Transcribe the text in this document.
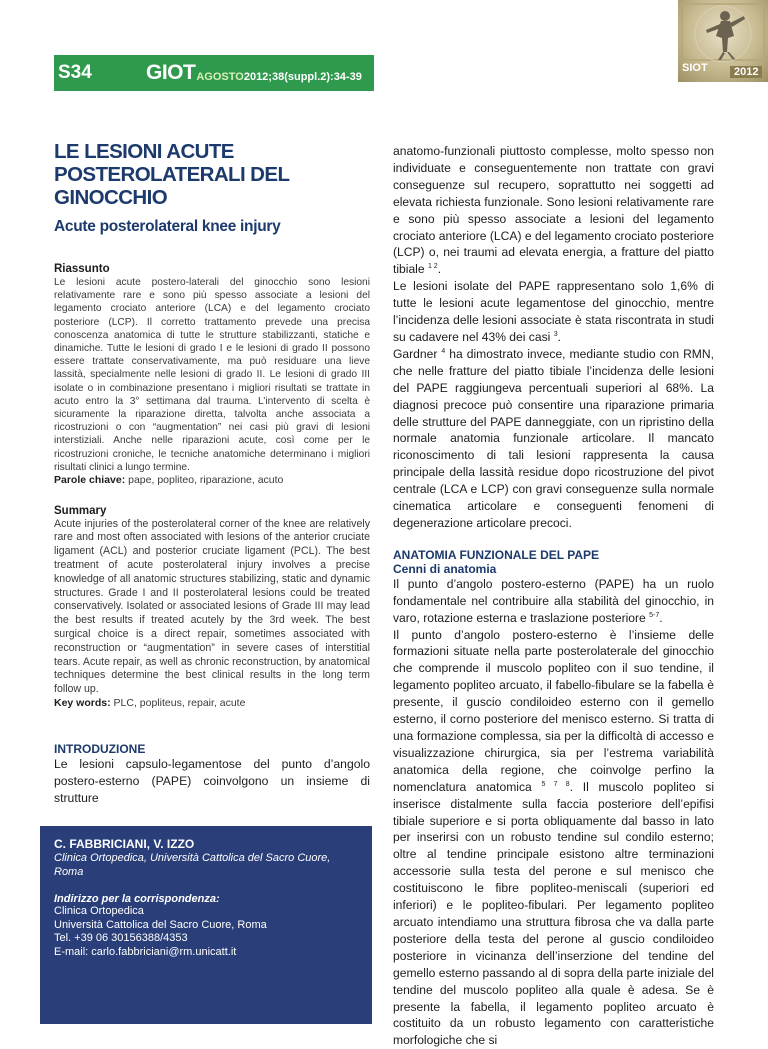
S34	GIOT AGOSTO2012;38(suppl.2):34-39
SIOT	2012
LE LESIONI ACUTE POSTEROLATERALI DEL GINOCCHIO
Acute posterolateral knee injury
Riassunto

Le lesioni acute postero-laterali del ginocchio sono lesioni relativamente rare e sono più spesso associate a lesioni del legamento crociato anteriore (LCA) e del legamento crociato posteriore (LCP). Il corretto trattamento prevede una precisa conoscenza anatomica di tutte le strutture stabilizzanti, statiche e dinamiche. Tutte le lesioni di grado I e le lesioni di grado II possono essere trattate conservativamente, ma può residuare una lieve lassità, specialmente nelle lesioni di grado II. Le lesioni di grado III isolate o in combinazione presentano i migliori risultati se trattate in acuto entro la 3° settimana dal trauma. L’intervento di scelta è sicuramente la riparazione diretta, talvolta anche associata a ricostruzioni o con “augmentation” nei casi più gravi di lesioni interstiziali. Anche nelle riparazioni acute, così come per le ricostruzioni croniche, le tecniche anatomiche determinano i migliori risultati clinici a lungo termine.

Parole chiave: pape, popliteo, riparazione, acuto
Summary

Acute injuries of the posterolateral corner of the knee are relatively rare and most often associated with lesions of the anterior cruciate ligament (ACL) and posterior cruciate ligament (PCL). The best treatment of acute posterolateral injury involves a precise knowledge of all anatomic structures stabilizing, static and dynamic structures. Grade I and II posterolateral lesions could be treated conservatively. Isolated or associated lesions of Grade III may lead the best results if treated acutely by the 3rd week. The best surgical choice is a direct repair, sometimes associated with reconstruction or “augmentation” in severe cases of interstitial tears. Acute repair, as well as chronic reconstruction, by anatomical techniques determine the best clinical results in the long term follow up.

Key words: PLC, popliteus, repair, acute
INTRODUZIONE

Le lesioni capsulo-legamentose del punto d’angolo postero-esterno (PAPE) coinvolgono un insieme di strutture

C. FABBRICIANI, V. IZZO
Clinica Ortopedica, Università Cattolica del Sacro Cuore, Roma
Indirizzo per la corrispondenza:
Clinica Ortopedica
Università Cattolica del Sacro Cuore, Roma
Tel. +39 06 30156388/4353
E-mail: carlo.fabbriciani@rm.unicatt.it

anatomo-funzionali piuttosto complesse, molto spesso non individuate e conseguentemente non trattate con gravi conseguenze sul recupero, soprattutto nei soggetti ad elevata richiesta funzionale. Sono lesioni relativamente rare e sono più spesso associate a lesioni del legamento crociato anteriore (LCA) e del legamento crociato posteriore (LCP) o, nei traumi ad elevata energia, a fratture del piatto tibiale $^{1 2}$.

Le lesioni isolate del PAPE rappresentano solo 1,6% di tutte le lesioni acute legamentose del ginocchio, mentre l’incidenza delle lesioni associate è stata riscontrata in studi su cadavere nel 43% dei casi $^3$.

Gardner $^4$ ha dimostrato invece, mediante studio con RMN, che nelle fratture del piatto tibiale l’incidenza delle lesioni del PAPE raggiungeva percentuali superiori al 68%. La diagnosi precoce può consentire una riparazione primaria delle strutture del PAPE danneggiate, con un ripristino della normale anatomia funzionale articolare. Il mancato riconoscimento di tali lesioni rappresenta la causa principale della lassità residue dopo ricostruzione del pivot centrale (LCA e LCP) con gravi conseguenze sulla normale cinematica articolare e conseguenti fenomeni di degenerazione articolare precoci.

ANATOMIA FUNZIONALE DEL PAPE
Cenni di anatomia

Il punto d’angolo postero-esterno (PAPE) ha un ruolo fondamentale nel contribuire alla stabilità del ginocchio, in varo, rotazione esterna e traslazione posteriore $^{5-7}$.

Il punto d’angolo postero-esterno è l’insieme delle formazioni situate nella parte posterolaterale del ginocchio che comprende il muscolo popliteo con il suo tendine, il legamento popliteo arcuato, il fabello-fibulare se la fabella è presente, il guscio condiloideo esterno con il gemello esterno, il corno posteriore del menisco esterno. Si tratta di una formazione complessa, sia per la difficoltà di accesso e visualizzazione chirurgica, sia per l’estrema variabilità anatomica della regione, che coinvolge perfino la nomenclatura anatomica $^{5 7 8}$. Il muscolo popliteo si inserisce distalmente sulla faccia posteriore dell’epifisi tibiale superiore e si porta obliquamente dal basso in lato per inserirsi con un robusto tendine sul condilo esterno; oltre al tendine principale esistono altre terminazioni accessorie sulla testa del perone e sul menisco che costituiscono le fibre popliteo-meniscali (superiori ed inferiori) e le popliteo-fibulari. Per legamento popliteo arcuato intendiamo una struttura fibrosa che va dalla parte posteriore della testa del perone al guscio condiloideo posteriore in vicinanza dell’inserzione del tendine del gemello esterno passando al di sopra della parte iniziale del tendine del muscolo popliteo alla quale è adesa. Se è presente la fabella, il legamento popliteo arcuato è costituito da un robusto legamento con caratteristiche morfologiche che si
